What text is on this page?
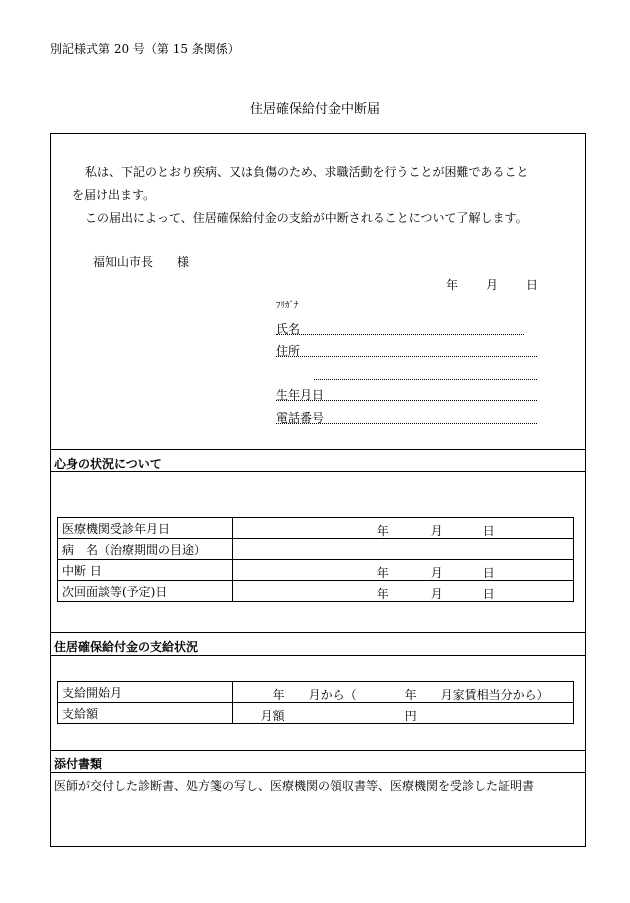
別記様式第 20 号（第 15 条関係）
住居確保給付金中断届
私は、下記のとおり疾病、又は負傷のため、求職活動を行うことが困難であること
を届け出ます。
この届出によって、住居確保給付金の支給が中断されることについて了解します。
福知山市長　　様
年 月 日
ﾌﾘｶﾞﾅ
氏名
住所
生年月日
電話番号
心身の状況について
医療機関受診年月日	年 月 日

病　名（治療期間の目途）	
中断 日	年 月 日

次回面談等(予定)日	年 月 日
住居確保給付金の支給状況
支給開始月	年　　月から（　　　　年　　月家賃相当分から）

支給額	月額 円
添付書類
医師が交付した診断書、処方箋の写し、医療機関の領収書等、医療機関を受診した証明書
